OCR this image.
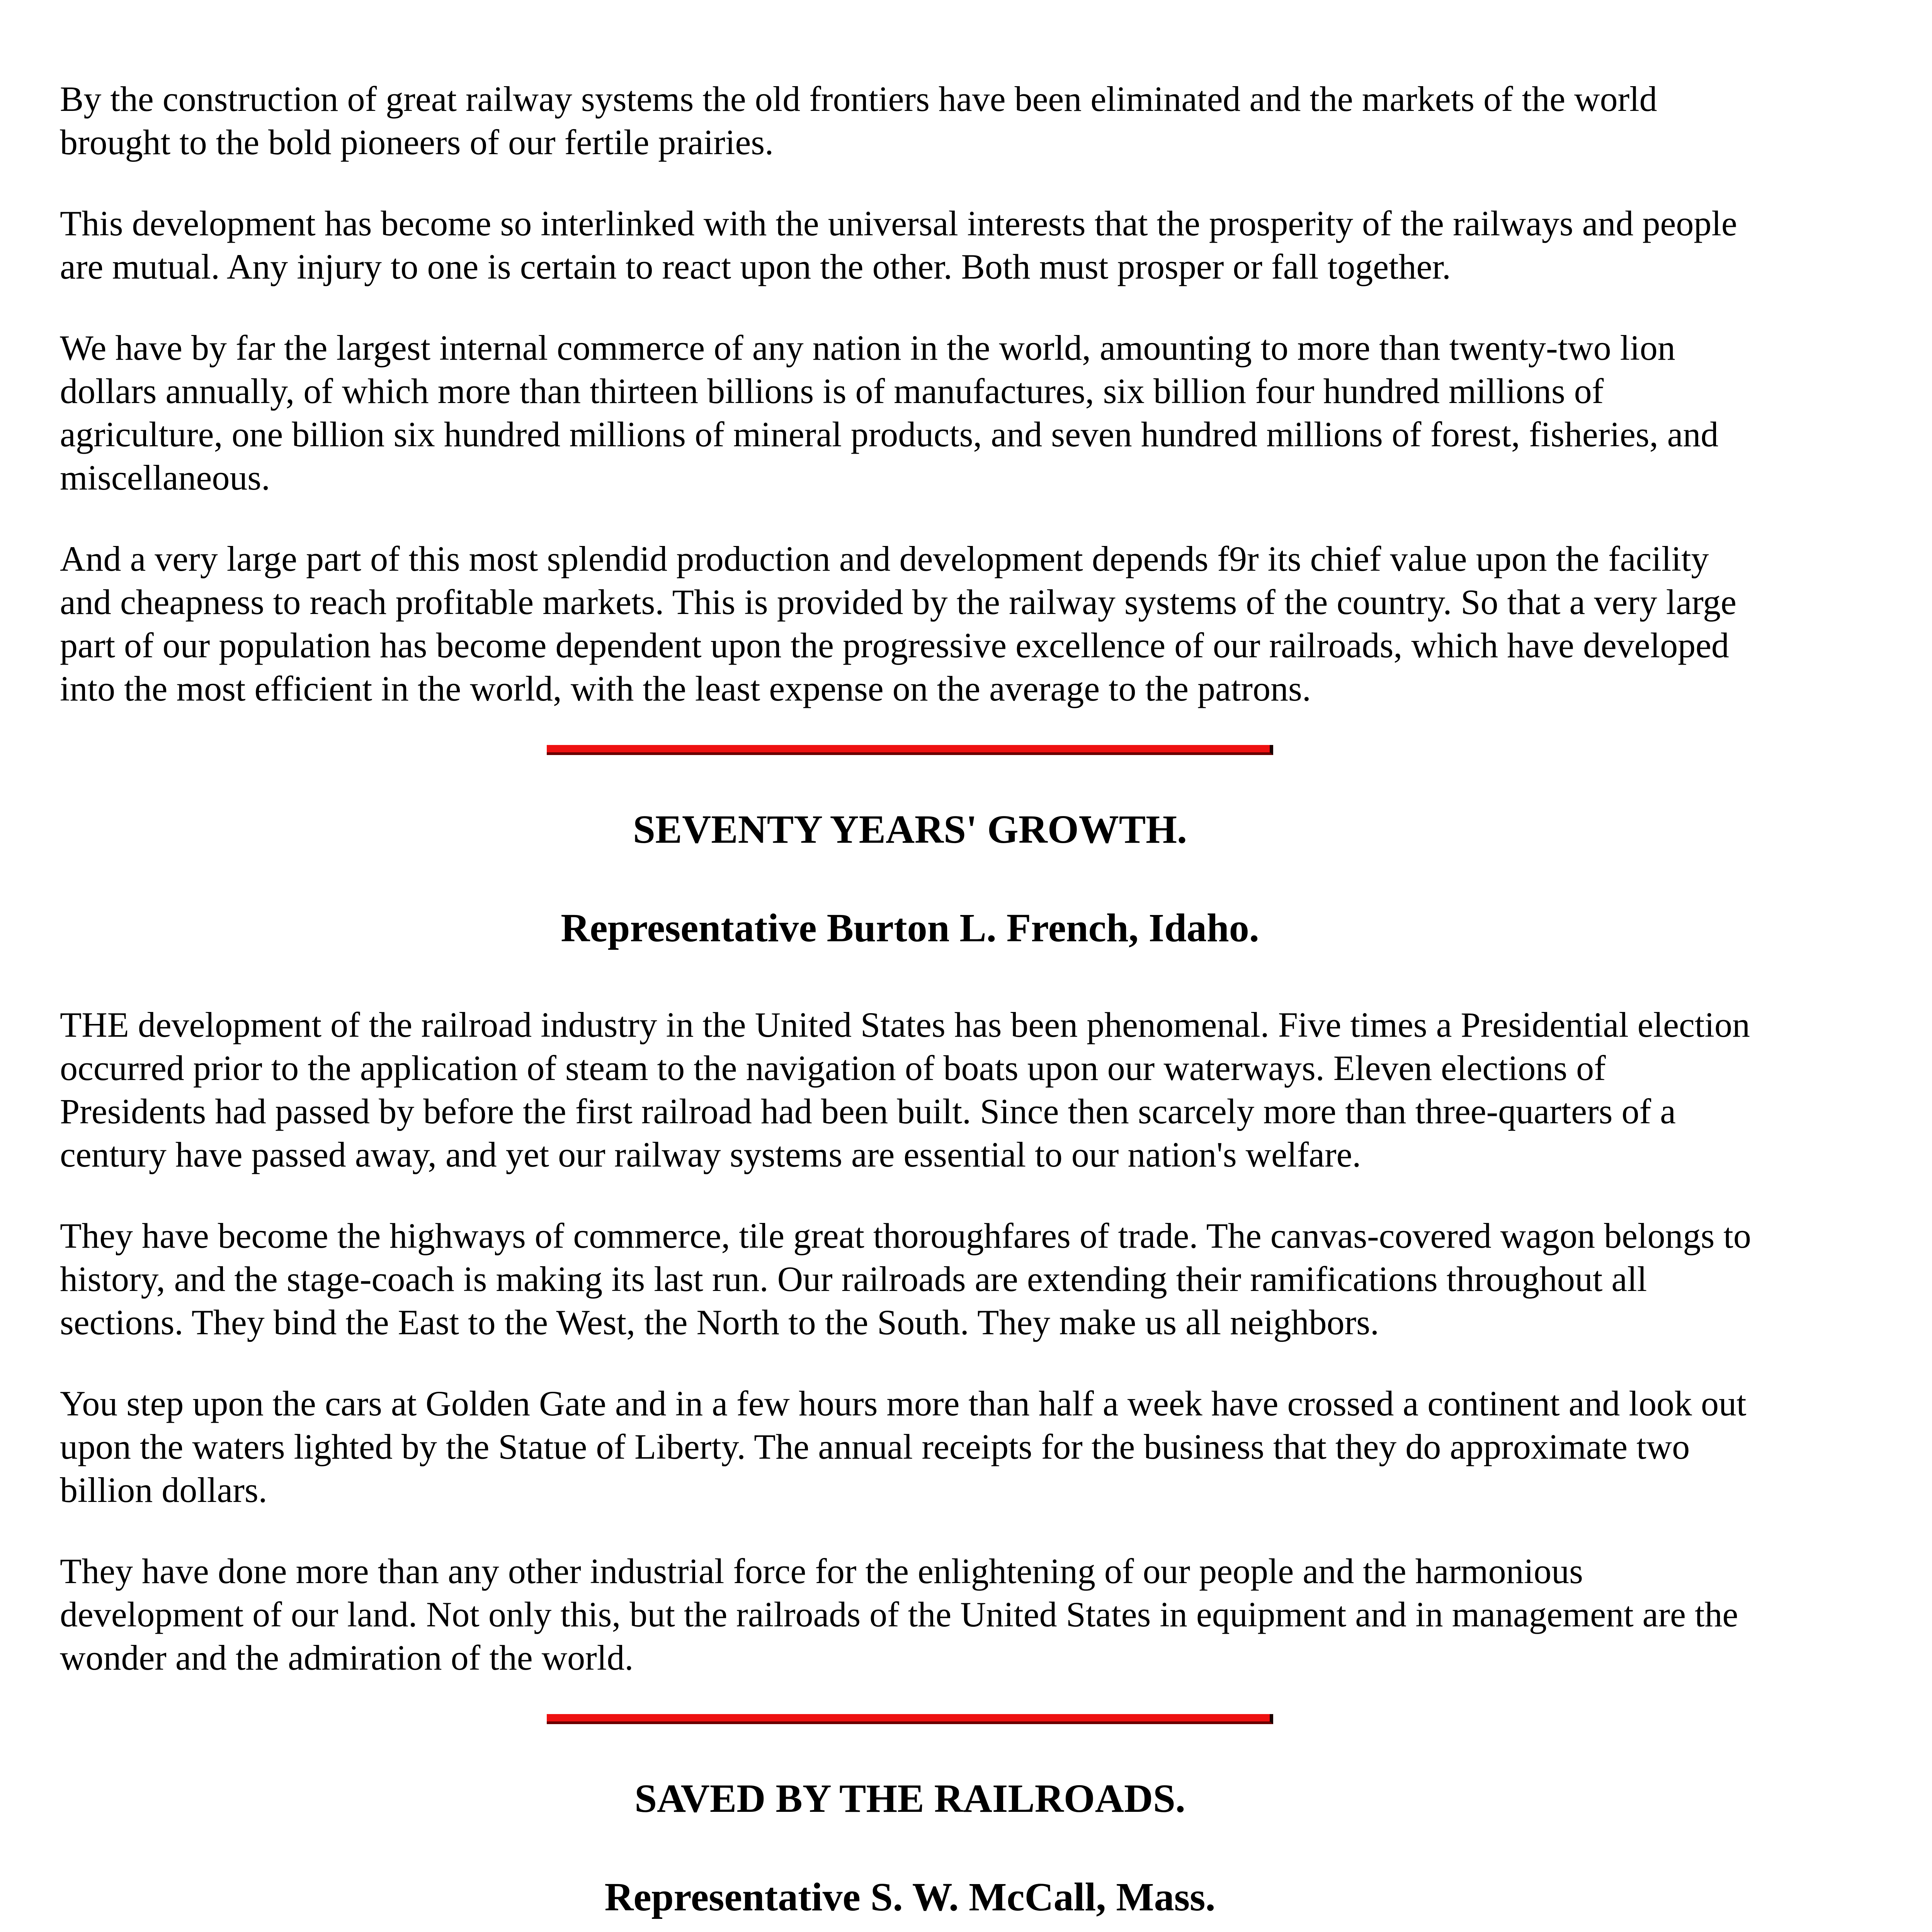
By the construction of great railway systems the old frontiers have been eliminated and the markets of the world brought to the bold pioneers of our fertile prairies.

This development has become so interlinked with the universal interests that the prosperity of the railways and people are mutual. Any injury to one is certain to react upon the other. Both must prosper or fall together.

We have by far the largest internal commerce of any nation in the world, amounting to more than twenty-two lion dollars annually, of which more than thirteen billions is of manufactures, six billion four hundred millions of agriculture, one billion six hundred millions of mineral products, and seven hundred millions of forest, fisheries, and miscellaneous.

And a very large part of this most splendid production and development depends f9r its chief value upon the facility and cheapness to reach profitable markets. This is provided by the railway systems of the country. So that a very large part of our population has become dependent upon the progressive excellence of our railroads, which have developed into the most efficient in the world, with the least expense on the average to the patrons.

SEVENTY YEARS' GROWTH.
Representative Burton L. French, Idaho.

THE development of the railroad industry in the United States has been phenomenal. Five times a Presidential election occurred prior to the application of steam to the navigation of boats upon our waterways. Eleven elections of Presidents had passed by before the first railroad had been built. Since then scarcely more than three-quarters of a century have passed away, and yet our railway systems are essential to our nation's welfare.

They have become the highways of commerce, tile great thoroughfares of trade. The canvas-covered wagon belongs to history, and the stage-coach is making its last run. Our railroads are extending their ramifications throughout all sections. They bind the East to the West, the North to the South. They make us all neighbors.

You step upon the cars at Golden Gate and in a few hours more than half a week have crossed a continent and look out upon the waters lighted by the Statue of Liberty. The annual receipts for the business that they do approximate two billion dollars.

They have done more than any other industrial force for the enlightening of our people and the harmonious development of our land. Not only this, but the railroads of the United States in equipment and in management are the wonder and the admiration of the world.

SAVED BY THE RAILROADS.
Representative S. W. McCall, Mass.
